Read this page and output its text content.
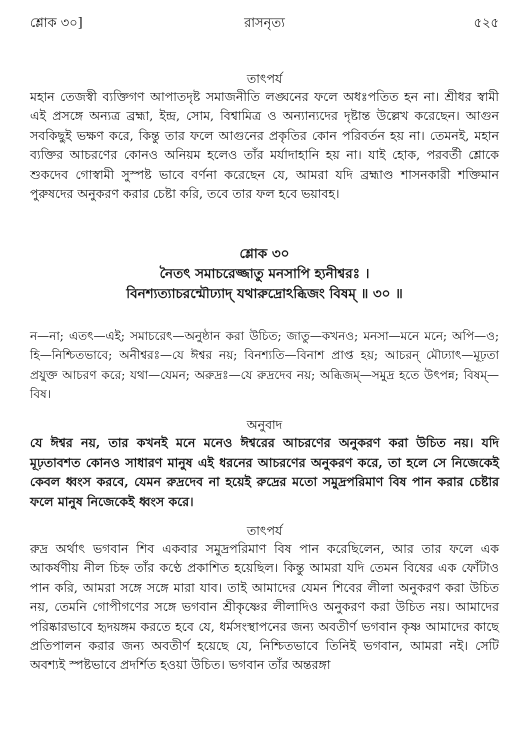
শ্লোক ৩০]	রাসনৃত্য	৫২৫
তাৎপর্য

মহান তেজস্বী ব্যক্তিগণ আপাতদৃষ্ট সমাজনীতি লঙ্ঘনের ফলে অধঃপতিত হন না। শ্রীধর স্বামী এই প্রসঙ্গে অন্যত্র ব্রহ্মা, ইন্দ্র, সোম, বিশ্বামিত্র ও অন্যান্যদের দৃষ্টান্ত উল্লেখ করেছেন। আগুন সবকিছুই ভক্ষণ করে, কিন্তু তার ফলে আগুনের প্রকৃতির কোন পরিবর্তন হয় না। তেমনই, মহান ব্যক্তির আচরণের কোনও অনিয়ম হলেও তাঁর মর্যাদাহানি হয় না। যাই হোক, পরবর্তী শ্লোকে শুকদেব গোস্বামী সুস্পষ্ট ভাবে বর্ণনা করেছেন যে, আমরা যদি ব্রহ্মাণ্ড শাসনকারী শক্তিমান পুরুষদের অনুকরণ করার চেষ্টা করি, তবে তার ফল হবে ভয়াবহ।

শ্লোক ৩০

নৈতৎ সমাচরেজ্জাতু মনসাপি হ্যনীশ্বরঃ ।

বিনশ্যত্যাচরন্মৌঢ্যাদ্ যথারুদ্রোঽব্ধিজং বিষম্ ॥ ৩০ ॥

ন—না; এতৎ—এই; সমাচরেৎ—অনুষ্ঠান করা উচিত; জাতু—কখনও; মনসা—মনে মনে; অপি—ও; হি—নিশ্চিতভাবে; অনীশ্বরঃ—যে ঈশ্বর নয়; বিনশ্যতি—বিনাশ প্রাপ্ত হয়; আচরন্ মৌঢ্যাৎ—মূঢ়তা প্রযুক্ত আচরণ করে; যথা—যেমন; অরুদ্রঃ—যে রুদ্রদেব নয়; অব্ধিজম্—সমুদ্র হতে উৎপন্ন; বিষম্—বিষ।

অনুবাদ

যে ঈশ্বর নয়, তার কখনই মনে মনেও ঈশ্বরের আচরণের অনুকরণ করা উচিত নয়। যদি মূঢ়তাবশত কোনও সাধারণ মানুষ এই ধরনের আচরণের অনুকরণ করে, তা হলে সে নিজেকেই কেবল ধ্বংস করবে, যেমন রুদ্রদেব না হয়েই রুদ্রের মতো সমুদ্রপরিমাণ বিষ পান করার চেষ্টার ফলে মানুষ নিজেকেই ধ্বংস করে।

তাৎপর্য

রুদ্র অর্থাৎ ভগবান শিব একবার সমুদ্রপরিমাণ বিষ পান করেছিলেন, আর তার ফলে এক আকর্ষণীয় নীল চিহ্ন তাঁর কণ্ঠে প্রকাশিত হয়েছিল। কিন্তু আমরা যদি তেমন বিষের এক ফোঁটাও পান করি, আমরা সঙ্গে সঙ্গে মারা যাব। তাই আমাদের যেমন শিবের লীলা অনুকরণ করা উচিত নয়, তেমনি গোপীগণের সঙ্গে ভগবান শ্রীকৃষ্ণের লীলাদিও অনুকরণ করা উচিত নয়। আমাদের পরিষ্কারভাবে হৃদয়ঙ্গম করতে হবে যে, ধর্মসংস্থাপনের জন্য অবতীর্ণ ভগবান কৃষ্ণ আমাদের কাছে প্রতিপালন করার জন্য অবতীর্ণ হয়েছে যে, নিশ্চিতভাবে তিনিই ভগবান, আমরা নই। সেটি অবশ্যই স্পষ্টভাবে প্রদর্শিত হওয়া উচিত। ভগবান তাঁর অন্তরঙ্গা
